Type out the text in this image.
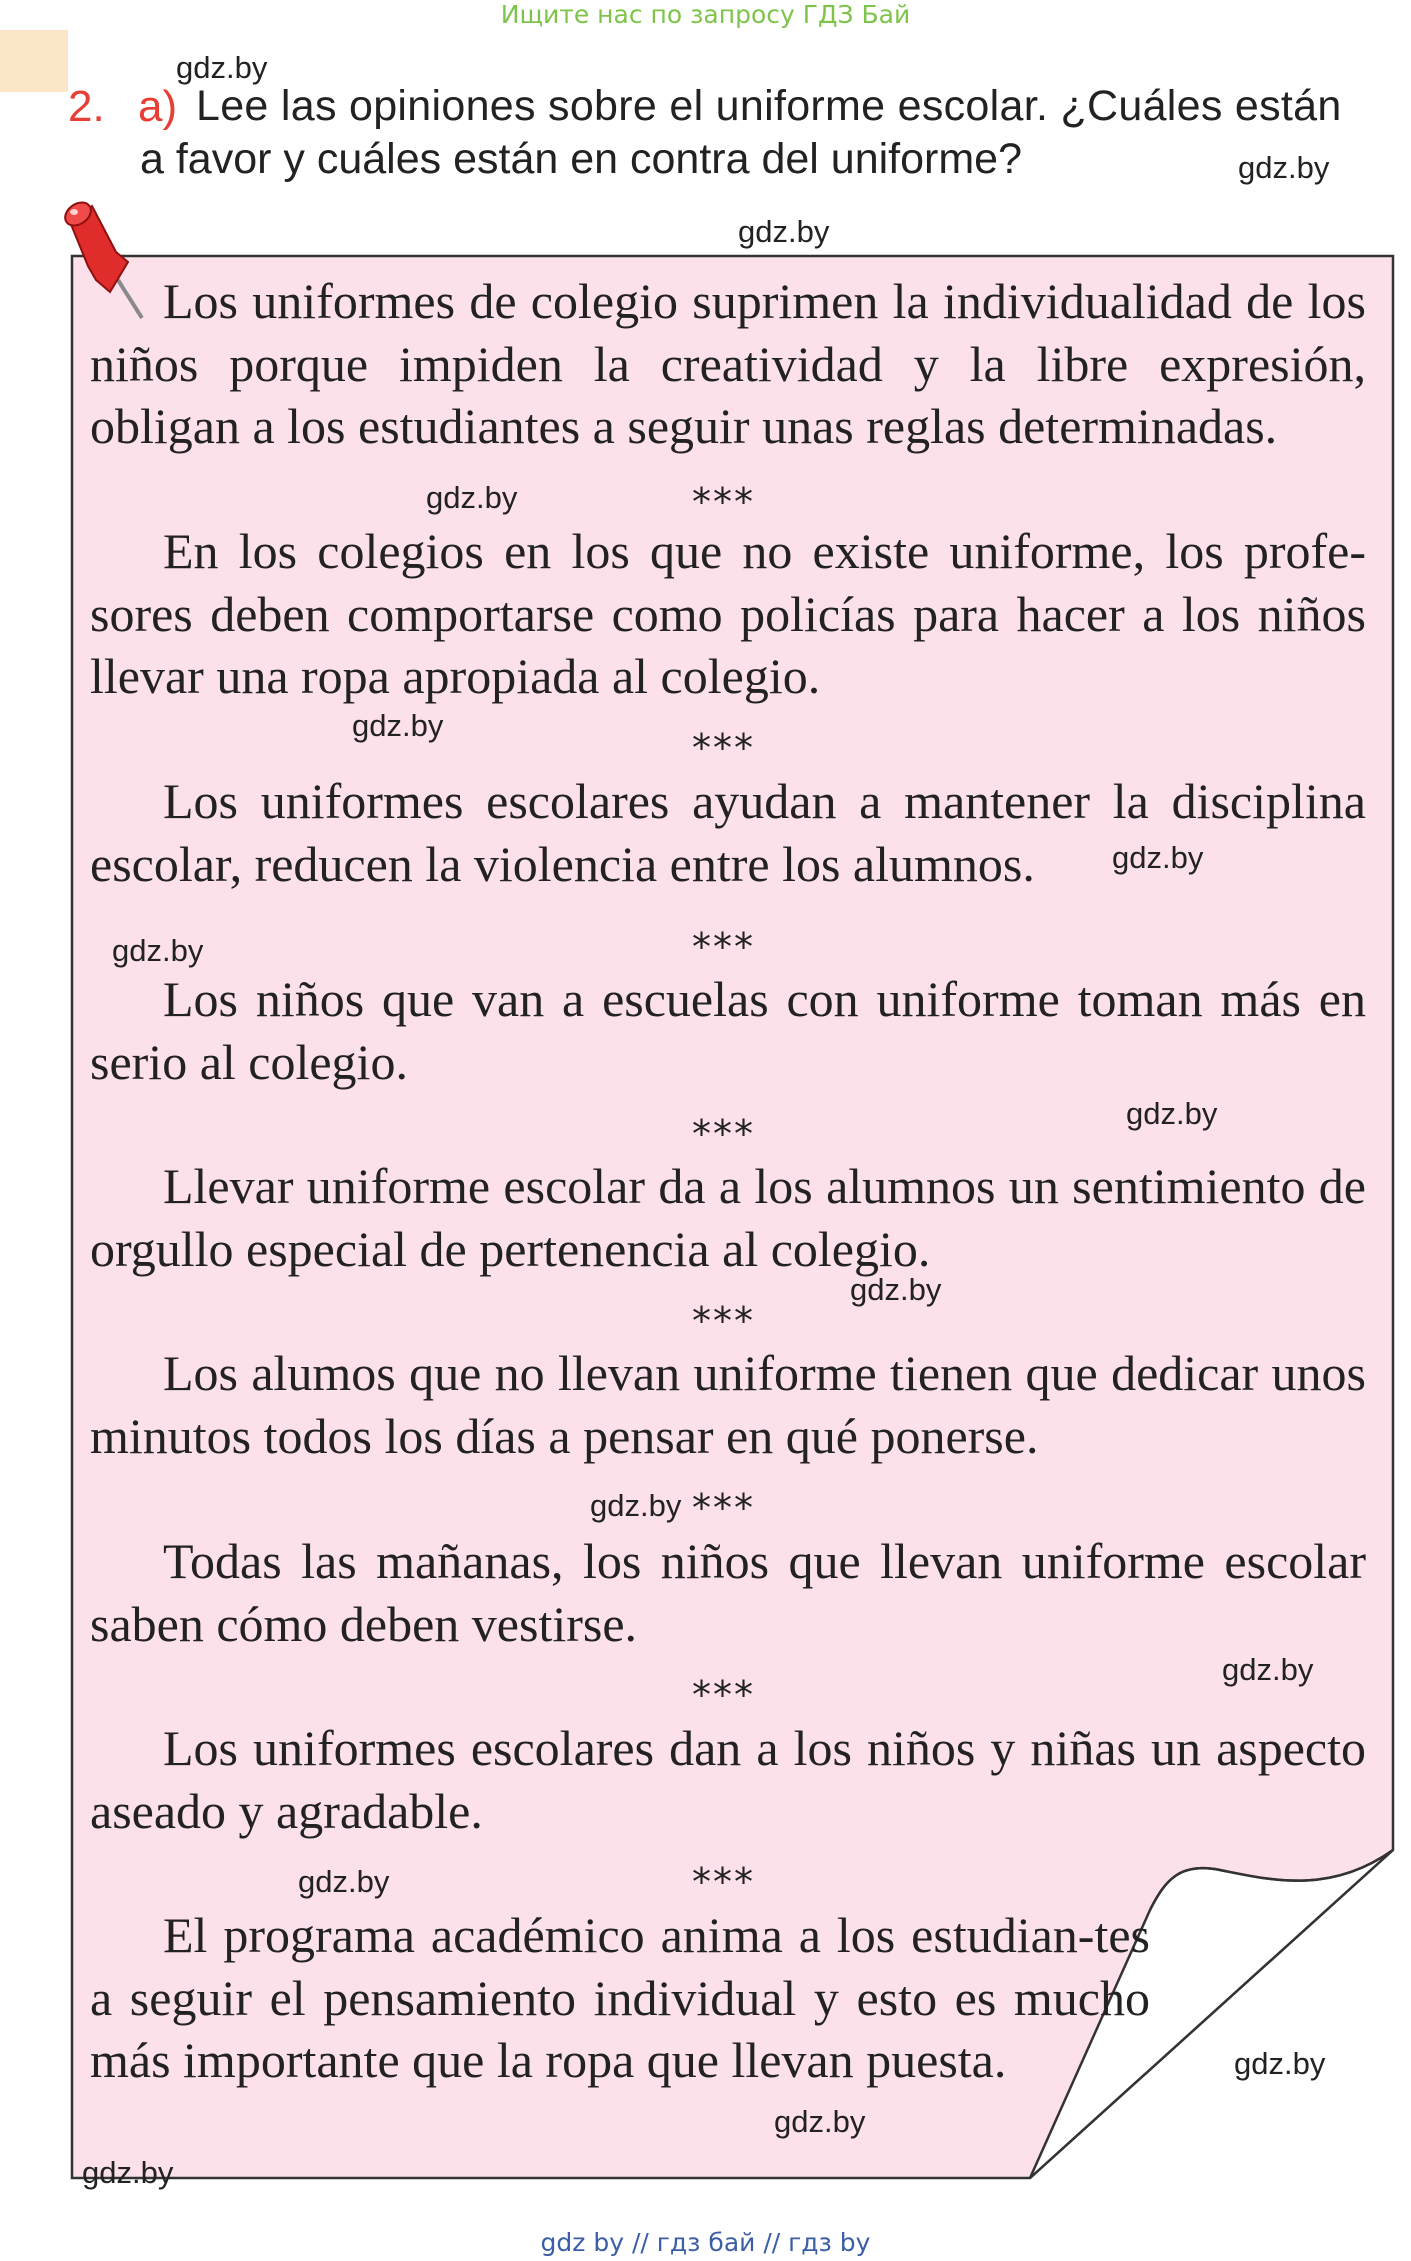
Ищите нас по запросу ГДЗ Бай
gdz.by
2. a) Lee las opiniones sobre el uniforme escolar. ¿Cuáles están
a favor y cuáles están en contra del uniforme?	gdz.by
gdz.by
Los uniformes de colegio suprimen la individualidad de los niños porque impiden la creatividad y la libre expresión, obligan a los estudiantes a seguir unas reglas determinadas.
gdz.by	***
En los colegios en los que no existe uniforme, los profe-sores deben comportarse como policías para hacer a los niños llevar una ropa apropiada al colegio.
gdz.by
***
Los uniformes escolares ayudan a mantener la disciplina escolar, reducen la violencia entre los alumnos.	gdz.by
gdz.by	***
Los niños que van a escuelas con uniforme toman más en serio al colegio.
gdz.by
***
Llevar uniforme escolar da a los alumnos un sentimiento de orgullo especial de pertenencia al colegio.
gdz.by
***
Los alumos que no llevan uniforme tienen que dedicar unos minutos todos los días a pensar en qué ponerse.
gdz.by ***
Todas las mañanas, los niños que llevan uniforme escolar saben cómo deben vestirse.
gdz.by
***
Los uniformes escolares dan a los niños y niñas un aspecto aseado y agradable.
gdz.by	***
El programa académico anima a los estudian-tes a seguir el pensamiento individual y esto es mucho más importante que la ropa que llevan puesta.	gdz.by
gdz.by
gdz.by
gdz by // гдз бай // гдз by
